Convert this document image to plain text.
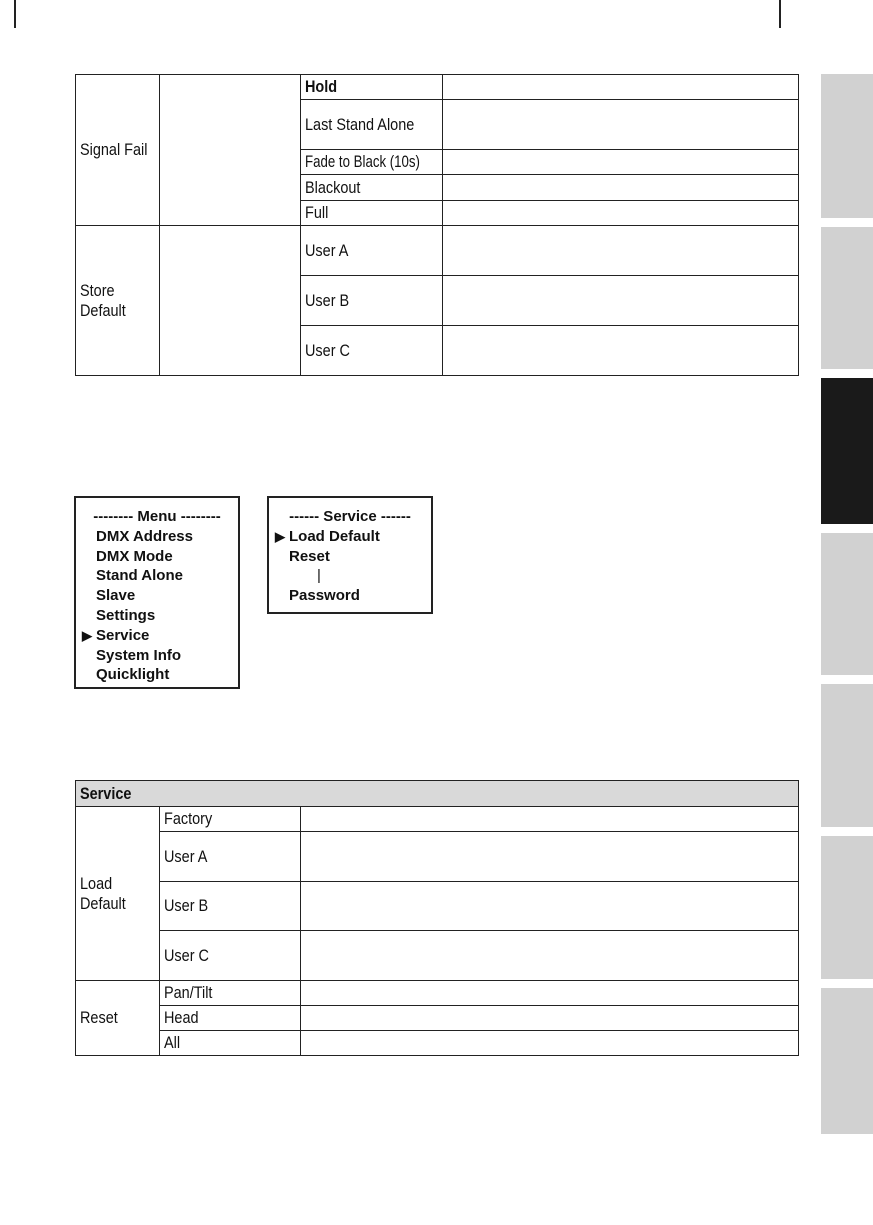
Signal Fail		Hold	
		Last Stand Alone	
		Fade to Black (10s)	
		Blackout	
		Full	

Store
Default		User A	
		User B	
		User C	
-------- Menu --------
DMX Address
DMX Mode
Stand Alone
Slave
Settings
▶ Service
System Info
Quicklight
------ Service ------
▶ Load Default
Reset
|
Password
Service		

Load
Default	Factory	
	User A	
	User B	
	User C	
Reset	Pan/Tilt	
	Head	
	All	
